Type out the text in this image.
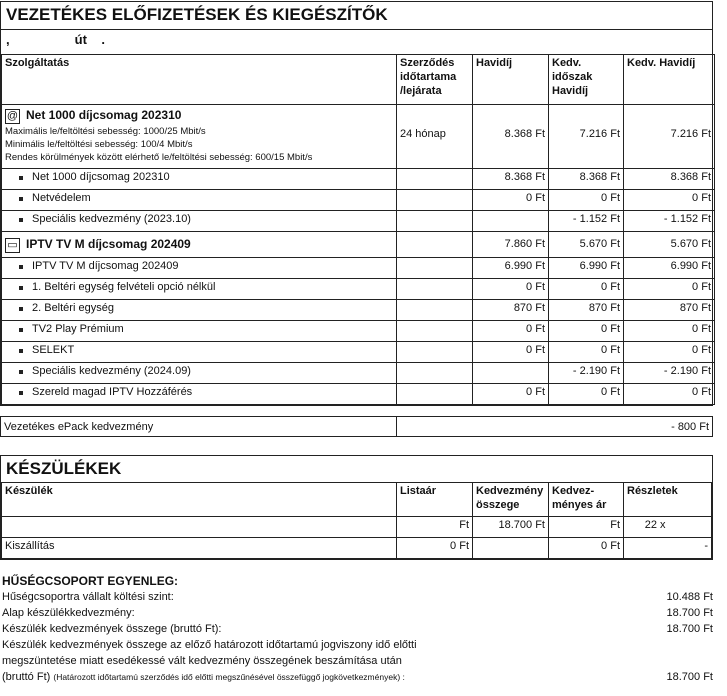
VEZETÉKES ELŐFIZETÉSEK ÉS KIEGÉSZÍTŐK
,                  út    .
Szolgáltatás	Szerződés időtartama /lejárata	Havidíj	Kedv. időszak Havidíj	Kedv. Havidíj

@ Net 1000 díjcsomag 202310
Maximális le/feltöltési sebesség: 1000/25 Mbit/s
Minimális le/feltöltési sebesség: 100/4 Mbit/s
Rendes körülmények között elérhető le/feltöltési sebesség: 600/15 Mbit/s	24 hónap	8.368 Ft	7.216 Ft	7.216 Ft
Net 1000 díjcsomag 202310		8.368 Ft	8.368 Ft	8.368 Ft
Netvédelem		0 Ft	0 Ft	0 Ft
Speciális kedvezmény (2023.10)			- 1.152 Ft	- 1.152 Ft
▭ IPTV TV M díjcsomag 202409		7.860 Ft	5.670 Ft	5.670 Ft
IPTV TV M díjcsomag 202409		6.990 Ft	6.990 Ft	6.990 Ft
1. Beltéri egység felvételi opció nélkül		0 Ft	0 Ft	0 Ft
2. Beltéri egység		870 Ft	870 Ft	870 Ft
TV2 Play Prémium		0 Ft	0 Ft	0 Ft
SELEKT		0 Ft	0 Ft	0 Ft
Speciális kedvezmény (2024.09)			- 2.190 Ft	- 2.190 Ft
Szereld magad IPTV Hozzáférés		0 Ft	0 Ft	0 Ft
Vezetékes ePack kedvezmény	- 800 Ft
KÉSZÜLÉKEK
Készülék	Listaár	Kedvezmény összege	Kedvez- ményes ár	Részletek	
	Ft	18.700 Ft	Ft	22 x	
Kiszállítás	0 Ft		0 Ft		-
HŰSÉGCSOPORT EGYENLEG:
Hűségcsoportra vállalt költési szint:	10.488 Ft
Alap készülékkedvezmény:	18.700 Ft
Készülék kedvezmények összege (bruttó Ft):	18.700 Ft
Készülék kedvezmények összege az előző határozott időtartamú jogviszony idő előtti
megszüntetése miatt esedékessé vált kedvezmény összegének beszámítása után
(bruttó Ft) (Határozott időtartamú szerződés idő előtti megszűnésével összefüggő jogkövetkezmények) :	18.700 Ft
